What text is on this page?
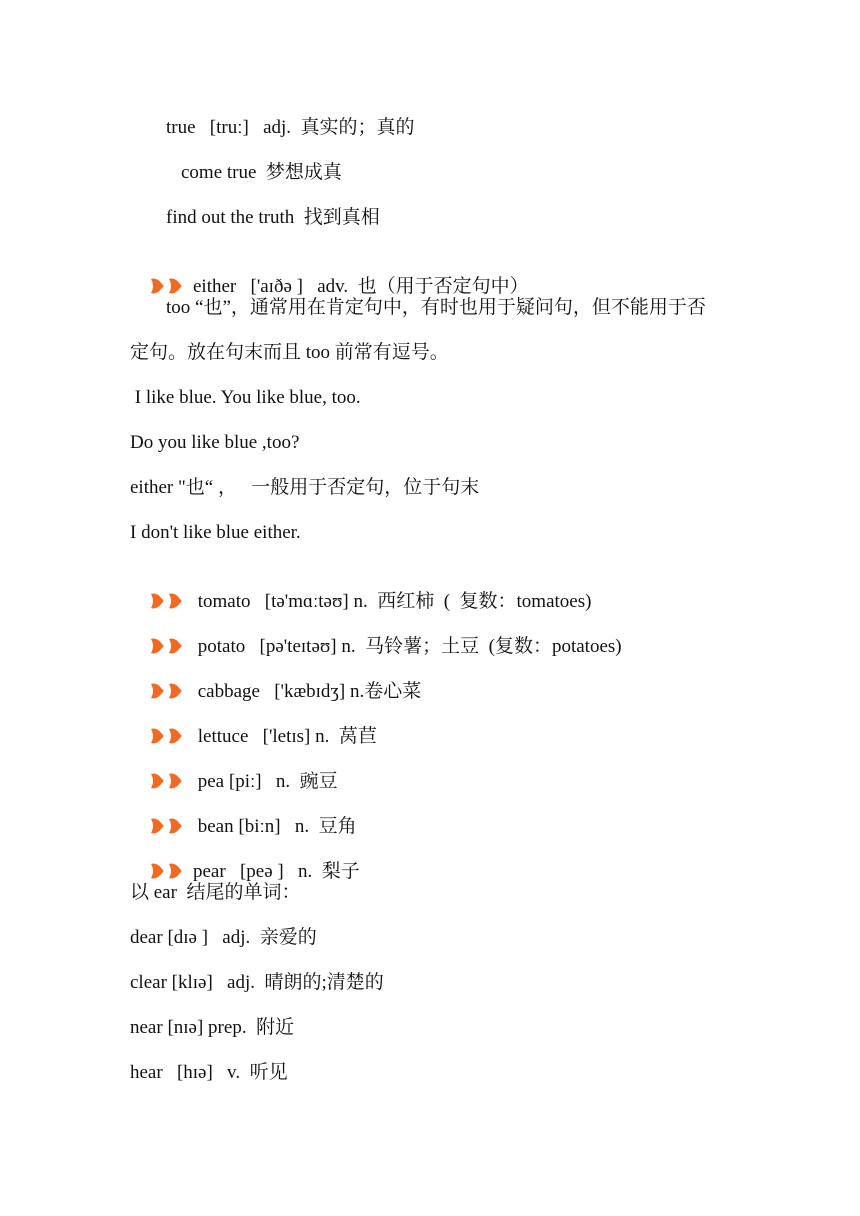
true   [truː]   adj.  真实的；真的
come true  梦想成真
find out the truth  找到真相

either   ['aɪðə ]   adv.  也（用于否定句中）

too “也”，通常用在肯定句中，有时也用于疑问句，但不能用于否
定句。放在句末而且 too 前常有逗号。
I like blue. You like blue, too.
Do you like blue ,too?
either "也“ ，   一般用于否定句，位于句末
I don't like blue either.

tomato   [tə'mɑːtəʊ] n.  西红柿  (  复数：tomatoes)

potato   [pə'teɪtəʊ] n.  马铃薯；土豆  (复数：potatoes)

cabbage   ['kæbɪdʒ] n.卷心菜

lettuce   ['letɪs] n.  莴苣

pea [piː]   n.  豌豆

bean [biːn]   n.  豆角

pear   [peə ]   n.  梨子

以 ear  结尾的单词：
dear [dɪə ]   adj.  亲爱的
clear [klɪə]   adj.  晴朗的;清楚的
near [nɪə] prep.  附近
hear   [hɪə]   v.  听见
